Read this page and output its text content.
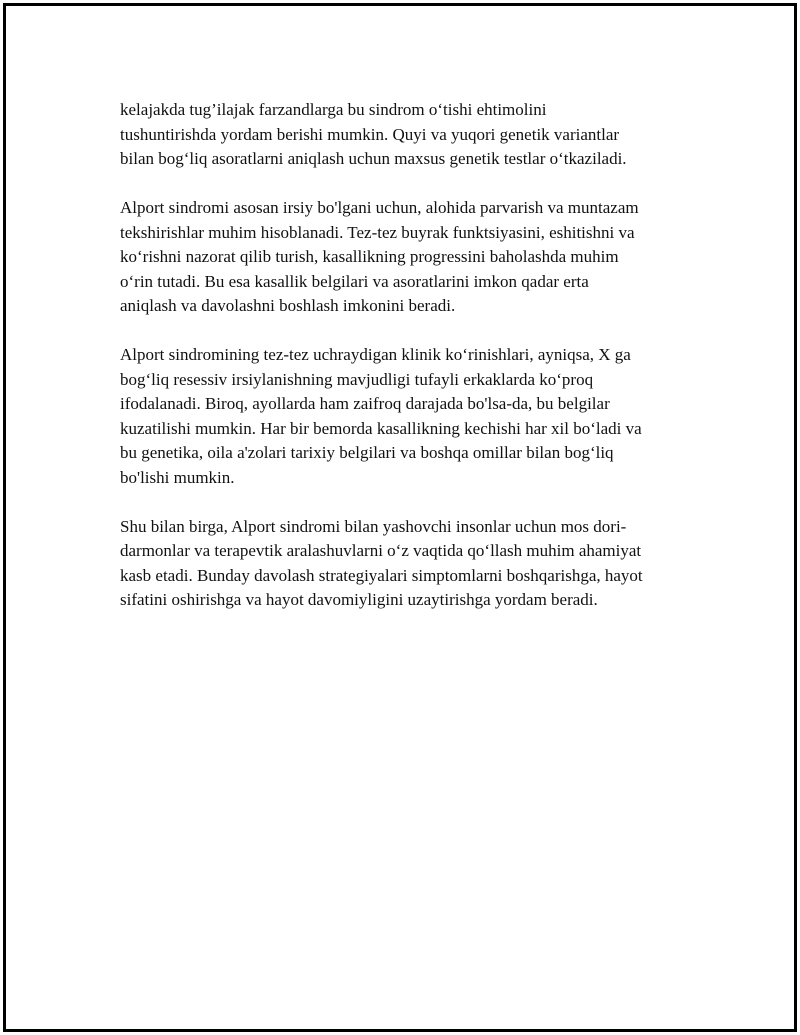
kelajakda tug’ilajak farzandlarga bu sindrom o‘tishi ehtimolini
tushuntirishda yordam berishi mumkin. Quyi va yuqori genetik variantlar
bilan bog‘liq asoratlarni aniqlash uchun maxsus genetik testlar o‘tkaziladi.

Alport sindromi asosan irsiy bo'lgani uchun, alohida parvarish va muntazam
tekshirishlar muhim hisoblanadi. Tez-tez buyrak funktsiyasini, eshitishni va
ko‘rishni nazorat qilib turish, kasallikning progressini baholashda muhim
o‘rin tutadi. Bu esa kasallik belgilari va asoratlarini imkon qadar erta
aniqlash va davolashni boshlash imkonini beradi.

Alport sindromining tez-tez uchraydigan klinik ko‘rinishlari, ayniqsa, X ga
bog‘liq resessiv irsiylanishning mavjudligi tufayli erkaklarda ko‘proq
ifodalanadi. Biroq, ayollarda ham zaifroq darajada bo'lsa-da, bu belgilar
kuzatilishi mumkin. Har bir bemorda kasallikning kechishi har xil bo‘ladi va
bu genetika, oila a'zolari tarixiy belgilari va boshqa omillar bilan bog‘liq
bo'lishi mumkin.

Shu bilan birga, Alport sindromi bilan yashovchi insonlar uchun mos dori-
darmonlar va terapevtik aralashuvlarni o‘z vaqtida qo‘llash muhim ahamiyat
kasb etadi. Bunday davolash strategiyalari simptomlarni boshqarishga, hayot
sifatini oshirishga va hayot davomiyligini uzaytirishga yordam beradi.
